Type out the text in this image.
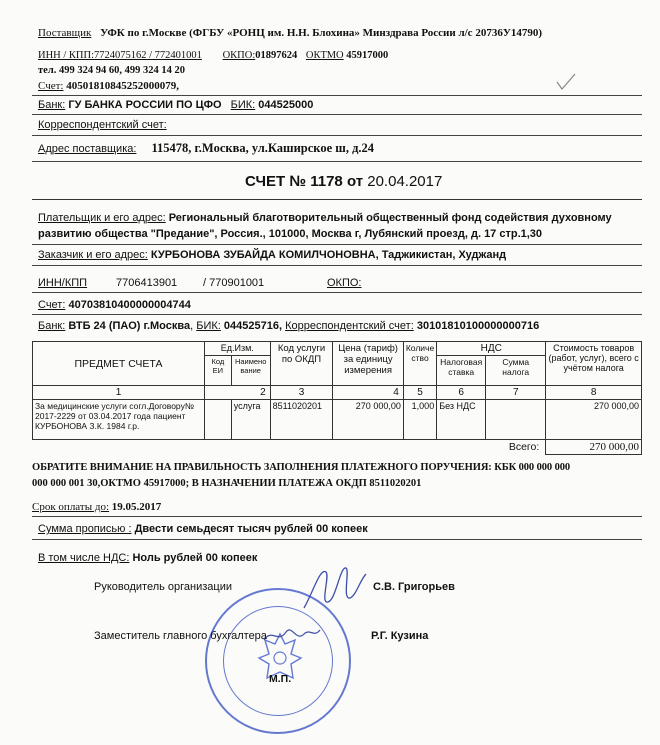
Поставщик УФК по г.Москве (ФГБУ «РОНЦ им. Н.Н. Блохина» Минздрава России л/с 20736У14790)
ИНН / КПП:7724075162 / 772401001 ОКПО:01897624 ОКТМО 45917000
тел. 499 324 94 60, 499 324 14 20
Счет: 40501810845252000079,
Банк: ГУ БАНКА РОССИИ ПО ЦФО БИК: 044525000
Корреспондентский счет:
Адрес поставщика: 115478, г.Москва, ул.Каширское ш, д.24
СЧЕТ № 1178 от 20.04.2017
Плательщик и его адрес: Региональный благотворительный общественный фонд содействия духовному
развитию общества "Предание", Россия., 101000, Москва г, Лубянский проезд, д. 17 стр.1,30
Заказчик и его адрес: КУРБОНОВА ЗУБАЙДА КОМИЛЧОНОВНА, Таджикистан, Худжанд
ИНН/КПП	7706413901 / 770901001	ОКПО:
Счет: 40703810400000004744
Банк: ВТБ 24 (ПАО) г.Москва, БИК: 044525716, Корреспондентский счет: 30101810100000000716
ПРЕДМЕТ СЧЕТА	Ед.Изм.		Код услуги по ОКДП	Цена (тариф) за единицу измерения	Количе ство	НДС		Стоимость товаров (работ, услуг), всего с учётом налога
	Код ЕИ	Наимено вание				Налоговая ставка	Сумма налога	
1	2		3	4	5	6	7	8
За медицинские услуги согл.Договору№ 2017-2229 от 03.04.2017 года пациент КУРБОНОВА З.К. 1984 г.р.		услуга	8511020201	270 000,00	1,000	Без НДС		270 000,00
Всего:								270 000,00
ОБРАТИТЕ ВНИМАНИЕ НА ПРАВИЛЬНОСТЬ ЗАПОЛНЕНИЯ ПЛАТЕЖНОГО ПОРУЧЕНИЯ: КБК 000 000 000
000 000 001 30,ОКТМО 45917000; В НАЗНАЧЕНИИ ПЛАТЕЖА ОКДП 8511020201
Срок оплаты до: 19.05.2017
Сумма прописью : Двести семьдесят тысяч рублей 00 копеек
В том числе НДС: Ноль рублей 00 копеек
Руководитель организации	С.В. Григорьев
Заместитель главного бухгалтера	Р.Г. Кузина
М.П.
